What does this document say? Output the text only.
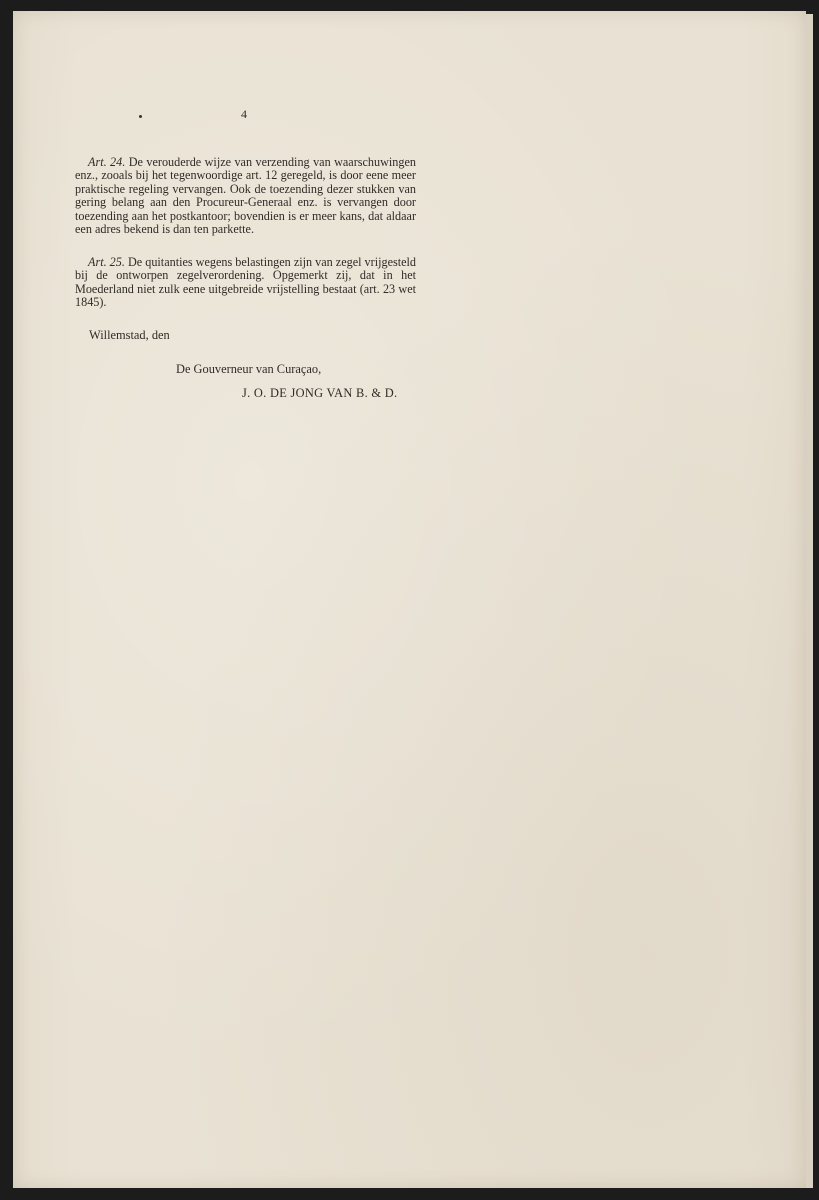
4

Art. 24. De verouderde wijze van verzending van waarschuwingen enz., zooals bij het tegenwoordige art. 12 geregeld, is door eene meer praktische regeling vervangen. Ook de toezending dezer stukken van gering belang aan den Procureur-Generaal enz. is vervangen door toezending aan het postkantoor; bovendien is er meer kans, dat aldaar een adres bekend is dan ten parkette.

Art. 25. De quitanties wegens belastingen zijn van zegel vrijgesteld bij de ontworpen zegelverordening. Opgemerkt zij, dat in het Moederland niet zulk eene uitgebreide vrijstelling bestaat (art. 23 wet 1845).

Willemstad, den
De Gouverneur van Curaçao,
J. O. DE JONG VAN B. & D.
